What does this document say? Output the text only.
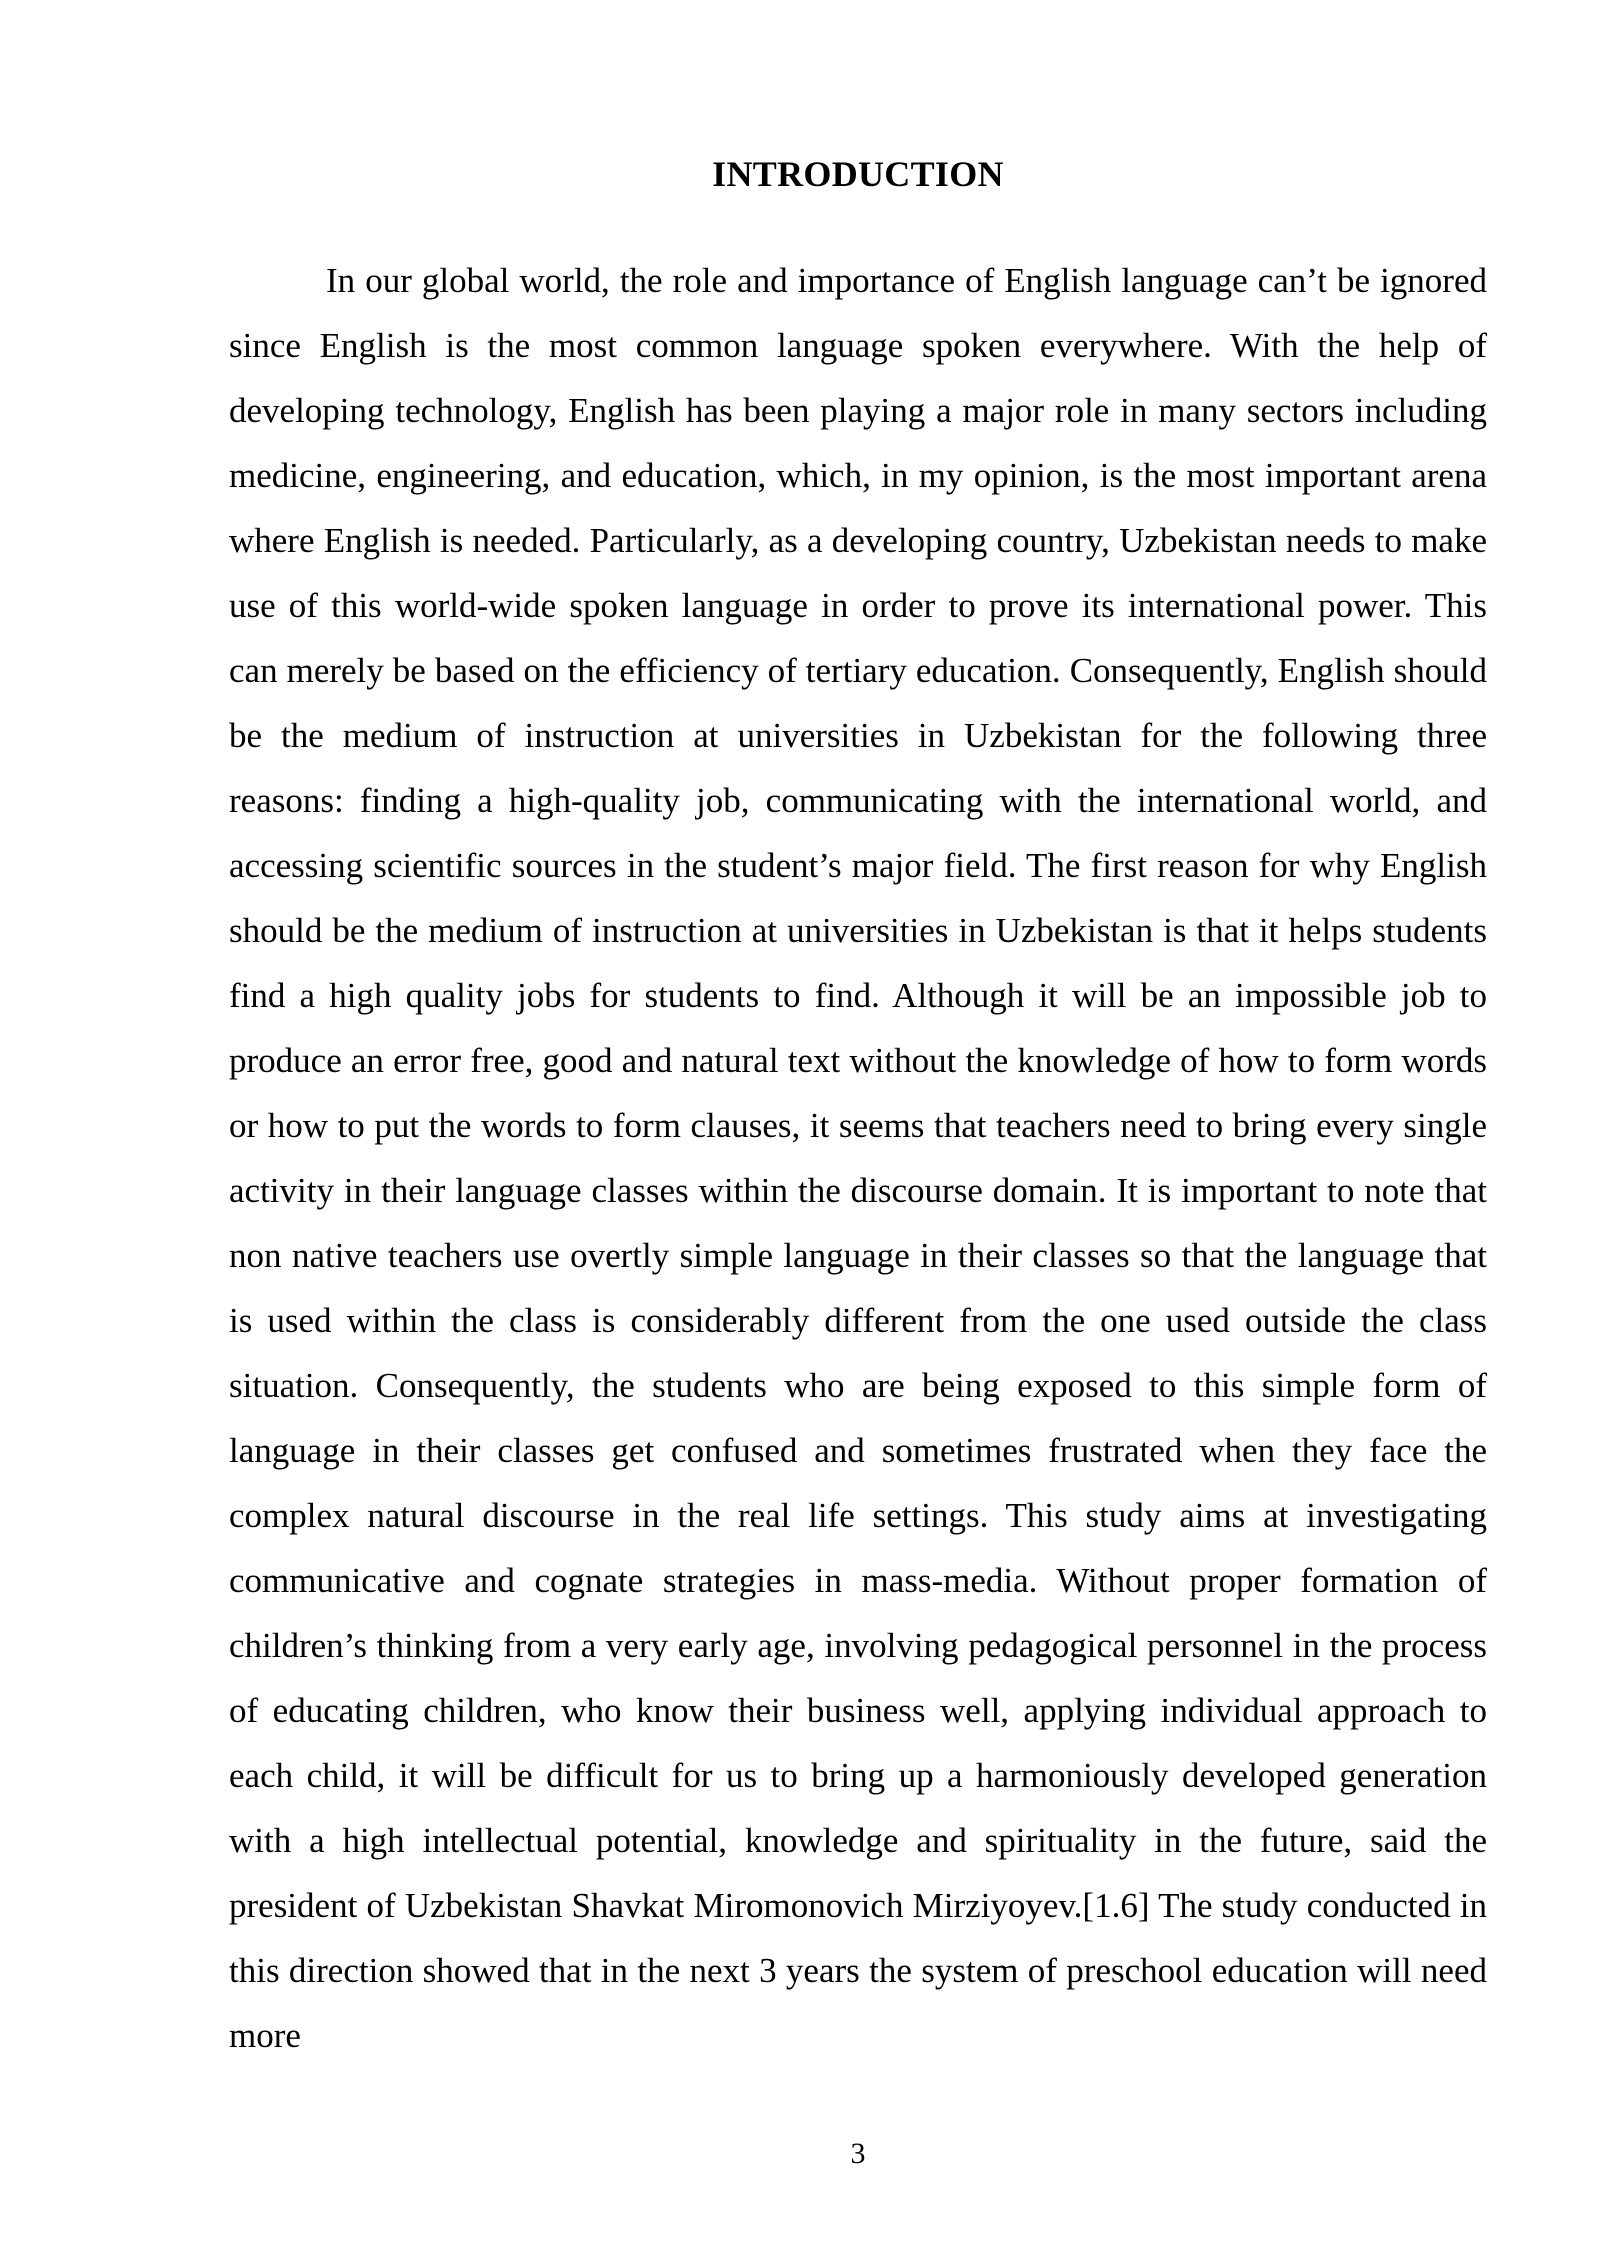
INTRODUCTION

In our global world, the role and importance of English language can’t be ignored since English is the most common language spoken everywhere. With the help of developing technology, English has been playing a major role in many sectors including medicine, engineering, and education, which, in my opinion, is the most important arena where English is needed. Particularly, as a developing country, Uzbekistan needs to make use of this world-wide spoken language in order to prove its international power. This can merely be based on the efficiency of tertiary education. Consequently, English should be the medium of instruction at universities in Uzbekistan for the following three reasons: finding a high-quality job, communicating with the international world, and accessing scientific sources in the student’s major field. The first reason for why English should be the medium of instruction at universities in Uzbekistan is that it helps students find a high quality jobs for students to find. Although it will be an impossible job to produce an error free, good and natural text without the knowledge of how to form words or how to put the words to form clauses, it seems that teachers need to bring every single activity in their language classes within the discourse domain. It is important to note that non native teachers use overtly simple language in their classes so that the language that is used within the class is considerably different from the one used outside the class situation. Consequently, the students who are being exposed to this simple form of language in their classes get confused and sometimes frustrated when they face the complex natural discourse in the real life settings. This study aims at investigating communicative and cognate strategies in mass-media. Without proper formation of children’s thinking from a very early age, involving pedagogical personnel in the process of educating children, who know their business well, applying individual approach to each child, it will be difficult for us to bring up a harmoniously developed generation with a high intellectual potential, knowledge and spirituality in the future, said the president of Uzbekistan Shavkat Miromonovich Mirziyoyev.[1.6] The study conducted in this direction showed that in the next 3 years the system of preschool education will need more

3
